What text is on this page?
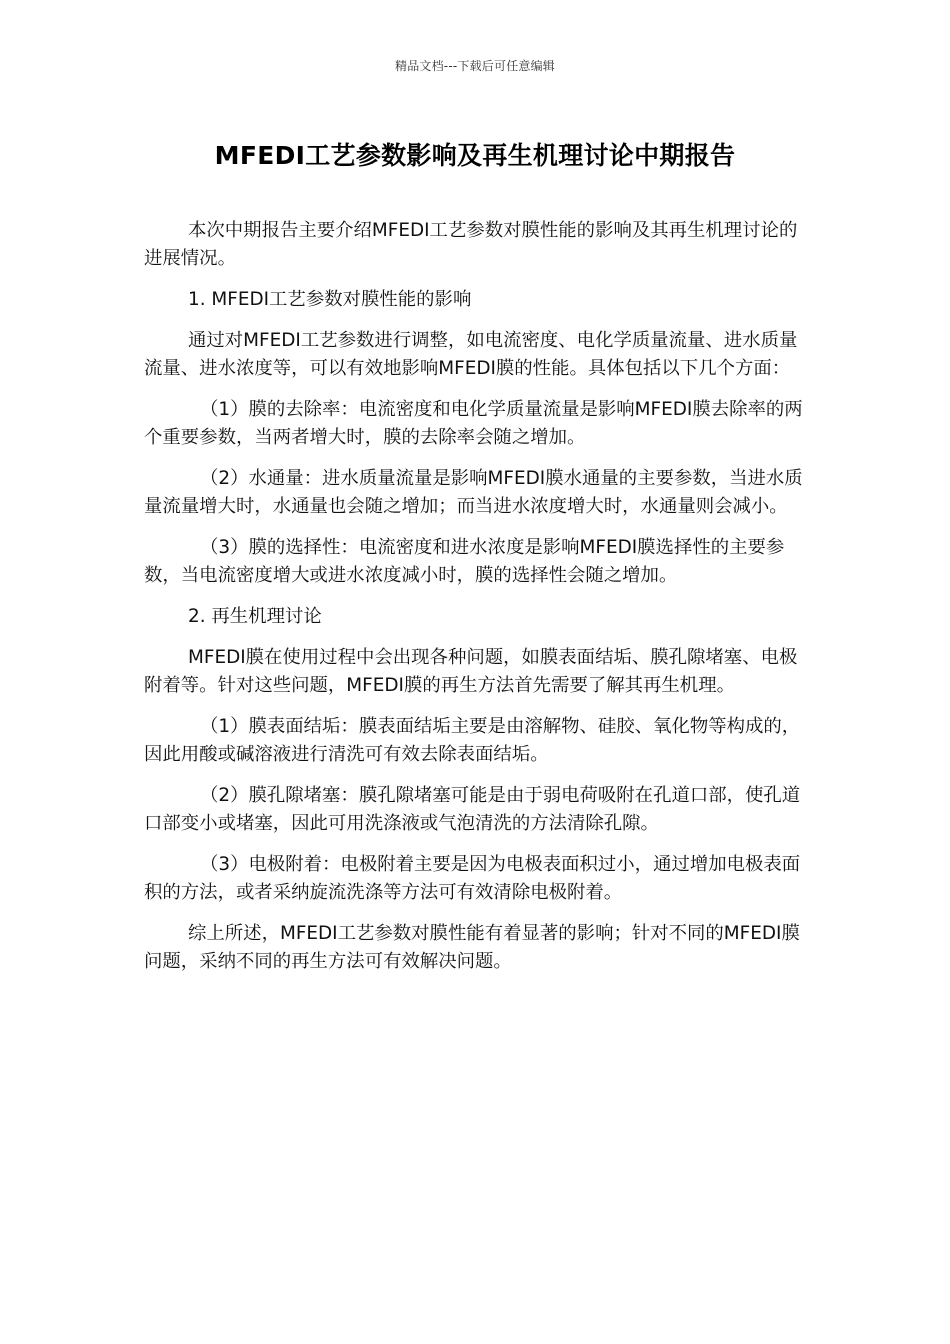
精品文档---下载后可任意编辑
MFEDI工艺参数影响及再生机理讨论中期报告

本次中期报告主要介绍MFEDI工艺参数对膜性能的影响及其再生机理讨论的进展情况。

1. MFEDI工艺参数对膜性能的影响

通过对MFEDI工艺参数进行调整，如电流密度、电化学质量流量、进水质量流量、进水浓度等，可以有效地影响MFEDI膜的性能。具体包括以下几个方面：

（1）膜的去除率：电流密度和电化学质量流量是影响MFEDI膜去除率的两个重要参数，当两者增大时，膜的去除率会随之增加。

（2）水通量：进水质量流量是影响MFEDI膜水通量的主要参数，当进水质量流量增大时，水通量也会随之增加；而当进水浓度增大时，水通量则会减小。

（3）膜的选择性：电流密度和进水浓度是影响MFEDI膜选择性的主要参数，当电流密度增大或进水浓度减小时，膜的选择性会随之增加。

2. 再生机理讨论

MFEDI膜在使用过程中会出现各种问题，如膜表面结垢、膜孔隙堵塞、电极附着等。针对这些问题，MFEDI膜的再生方法首先需要了解其再生机理。

（1）膜表面结垢：膜表面结垢主要是由溶解物、硅胶、氧化物等构成的，因此用酸或碱溶液进行清洗可有效去除表面结垢。

（2）膜孔隙堵塞：膜孔隙堵塞可能是由于弱电荷吸附在孔道口部，使孔道口部变小或堵塞，因此可用洗涤液或气泡清洗的方法清除孔隙。

（3）电极附着：电极附着主要是因为电极表面积过小，通过增加电极表面积的方法，或者采纳旋流洗涤等方法可有效清除电极附着。

综上所述，MFEDI工艺参数对膜性能有着显著的影响；针对不同的MFEDI膜问题，采纳不同的再生方法可有效解决问题。
